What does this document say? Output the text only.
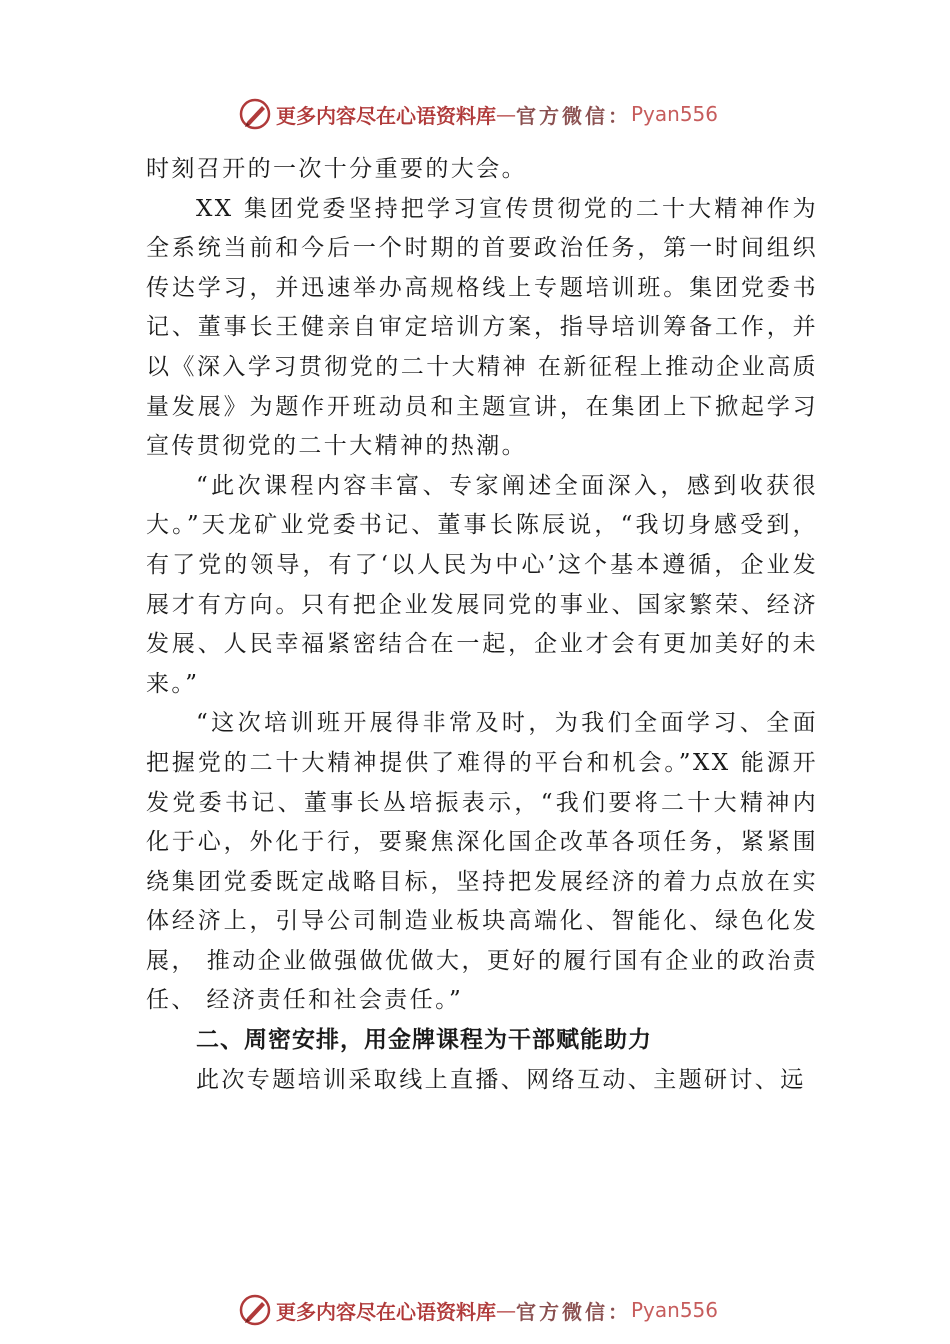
更多内容尽在心语资料库 — 官方微信： Pyan556

时刻召开的一次十分重要的大会。

XX 集团党委坚持把学习宣传贯彻党的二十大精神作为全系统当前和今后一个时期的首要政治任务，第一时间组织传达学习，并迅速举办高规格线上专题培训班。集团党委书记、董事长王健亲自审定培训方案，指导培训筹备工作，并以《深入学习贯彻党的二十大精神 在新征程上推动企业高质量发展》为题作开班动员和主题宣讲，在集团上下掀起学习宣传贯彻党的二十大精神的热潮。

“此次课程内容丰富、专家阐述全面深入，感到收获很大。”天龙矿业党委书记、董事长陈辰说，“我切身感受到，有了党的领导，有了‘以人民为中心’这个基本遵循，企业发展才有方向。只有把企业发展同党的事业、国家繁荣、经济发展、人民幸福紧密结合在一起，企业才会有更加美好的未来。”

“这次培训班开展得非常及时，为我们全面学习、全面把握党的二十大精神提供了难得的平台和机会。”XX 能源开发党委书记、董事长丛培振表示，“我们要将二十大精神内化于心，外化于行，要聚焦深化国企改革各项任务，紧紧围绕集团党委既定战略目标，坚持把发展经济的着力点放在实体经济上，引导公司制造业板块高端化、智能化、绿色化发展， 推动企业做强做优做大，更好的履行国有企业的政治责任、 经济责任和社会责任。”

二、周密安排，用金牌课程为干部赋能助力

此次专题培训采取线上直播、网络互动、主题研讨、远

更多内容尽在心语资料库 — 官方微信： Pyan556
